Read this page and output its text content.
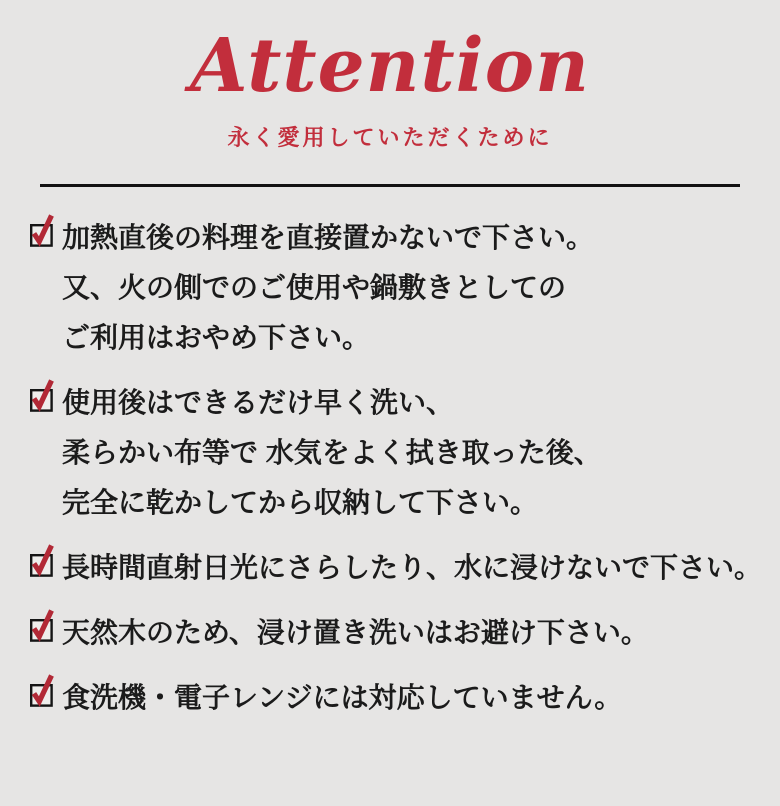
Attention

永く愛用していただくために

加熱直後の料理を直接置かないで下さい。
又、火の側でのご使用や鍋敷きとしての
ご利用はおやめ下さい。
使用後はできるだけ早く洗い、
柔らかい布等で 水気をよく拭き取った後、
完全に乾かしてから収納して下さい。
長時間直射日光にさらしたり、水に浸けないで下さい。
天然木のため、浸け置き洗いはお避け下さい。
食洗機・電子レンジには対応していません。
